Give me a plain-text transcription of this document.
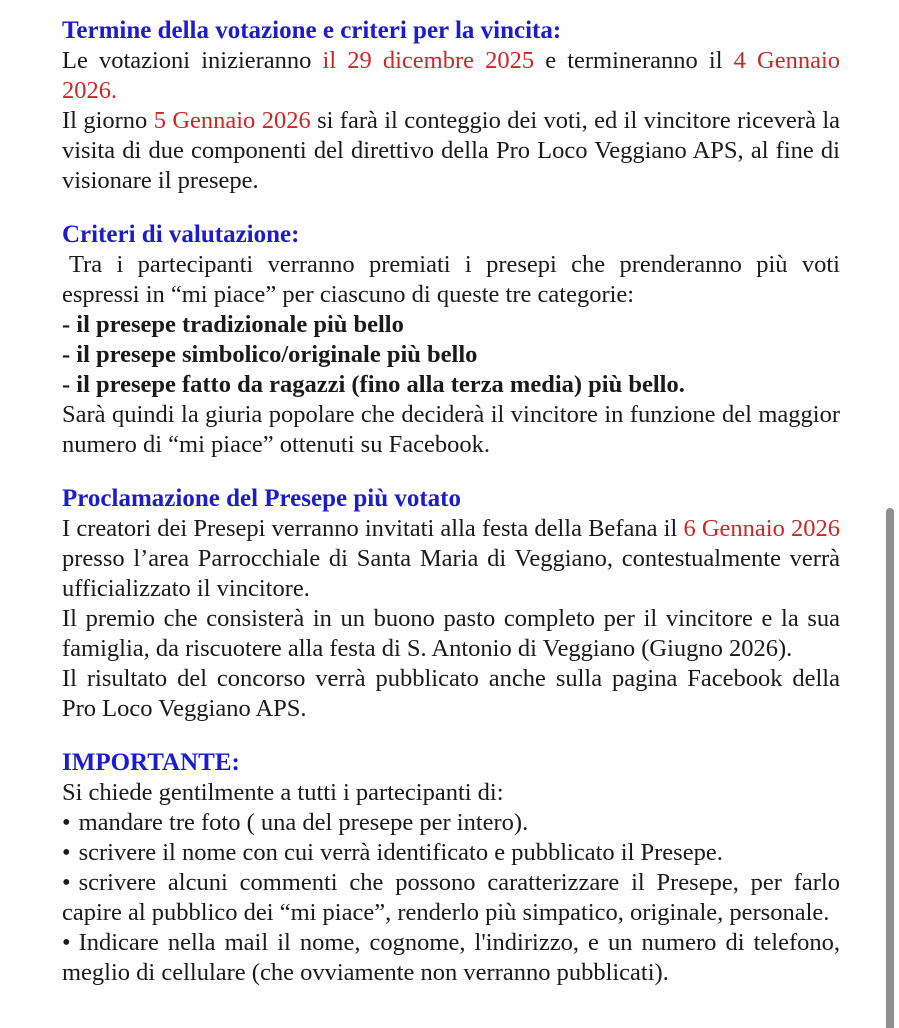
Termine della votazione e criteri per la vincita:

Le votazioni inizieranno il 29 dicembre 2025 e termineranno il 4 Gennaio 2026.

Il giorno 5 Gennaio 2026 si farà il conteggio dei voti, ed il vincitore riceverà la visita di due componenti del direttivo della Pro Loco Veggiano APS, al fine di visionare il presepe.

Criteri di valutazione:

Tra i partecipanti verranno premiati i presepi che prenderanno più voti espressi in “mi piace” per ciascuno di queste tre categorie:

- il presepe tradizionale più bello

- il presepe simbolico/originale più bello

- il presepe fatto da ragazzi (fino alla terza media) più bello.

Sarà quindi la giuria popolare che deciderà il vincitore in funzione del maggior numero di “mi piace” ottenuti su Facebook.

Proclamazione del Presepe più votato

I creatori dei Presepi verranno invitati alla festa della Befana il 6 Gennaio 2026 presso l’area Parrocchiale di Santa Maria di Veggiano, contestualmente verrà ufficializzato il vincitore.

Il premio che consisterà in un buono pasto completo per il vincitore e la sua famiglia, da riscuotere alla festa di S. Antonio di Veggiano (Giugno 2026).

Il risultato del concorso verrà pubblicato anche sulla pagina Facebook della Pro Loco Veggiano APS.

IMPORTANTE:

Si chiede gentilmente a tutti i partecipanti di:

• mandare tre foto ( una del presepe per intero).

• scrivere il nome con cui verrà identificato e pubblicato il Presepe.

• scrivere alcuni commenti che possono caratterizzare il Presepe, per farlo capire al pubblico dei “mi piace”, renderlo più simpatico, originale, personale.

• Indicare nella mail il nome, cognome, l'indirizzo, e un numero di telefono, meglio di cellulare (che ovviamente non verranno pubblicati).
